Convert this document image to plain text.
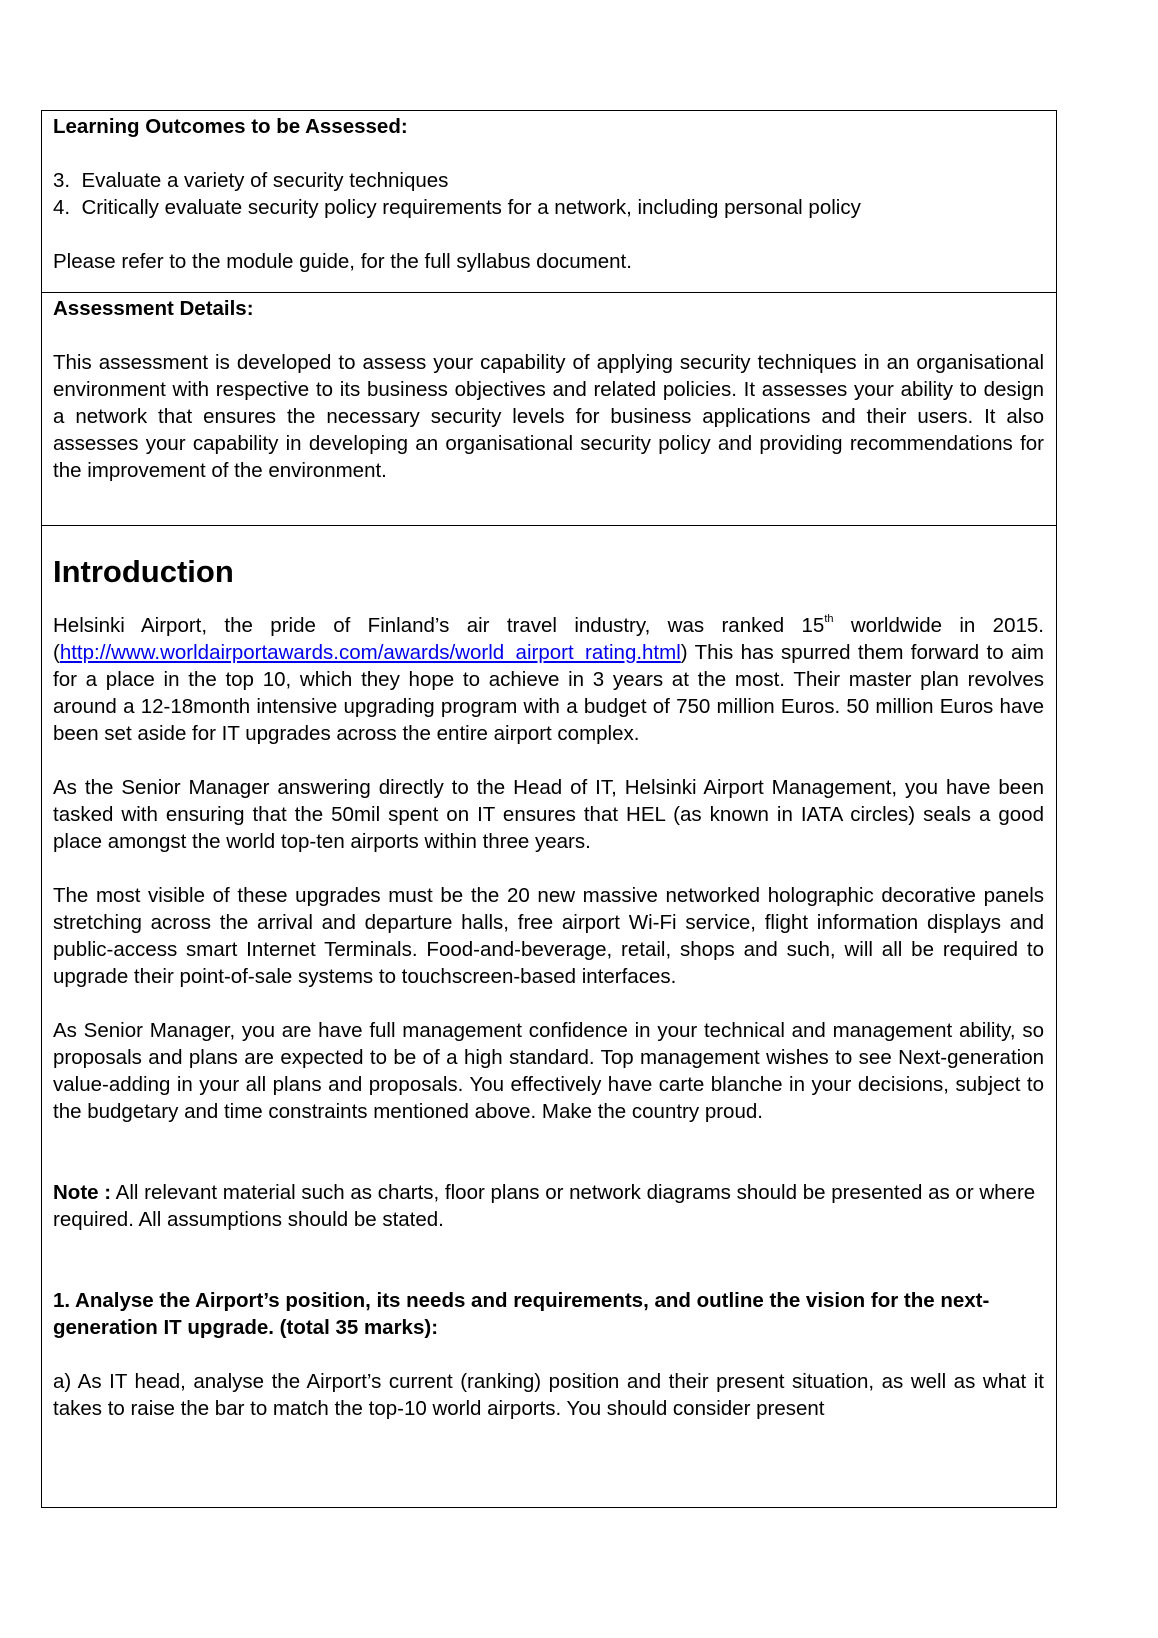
Learning Outcomes to be Assessed:

3.  Evaluate a variety of security techniques

4.  Critically evaluate security policy requirements for a network, including personal policy

Please refer to the module guide, for the full syllabus document.

Assessment Details:

This assessment is developed to assess your capability of applying security techniques in an organisational environment with respective to its business objectives and related policies. It assesses your ability to design a network that ensures the necessary security levels for business applications and their users. It also assesses your capability in developing an organisational security policy and providing recommendations for the improvement of the environment.

Introduction

Helsinki Airport, the pride of Finland’s air travel industry, was ranked 15th worldwide in 2015. (http://www.worldairportawards.com/awards/world_airport_rating.html) This has spurred them forward to aim for a place in the top 10, which they hope to achieve in 3 years at the most. Their master plan revolves around a 12-18month intensive upgrading program with a budget of 750 million Euros. 50 million Euros have been set aside for IT upgrades across the entire airport complex.

As the Senior Manager answering directly to the Head of IT, Helsinki Airport Management, you have been tasked with ensuring that the 50mil spent on IT ensures that HEL (as known in IATA circles) seals a good place amongst the world top-ten airports within three years.

The most visible of these upgrades must be the 20 new massive networked holographic decorative panels stretching across the arrival and departure halls, free airport Wi-Fi service, flight information displays and public-access smart Internet Terminals. Food-and-beverage, retail, shops and such, will all be required to upgrade their point-of-sale systems to touchscreen-based interfaces.

As Senior Manager, you are have full management confidence in your technical and management ability, so proposals and plans are expected to be of a high standard. Top management wishes to see Next-generation value-adding in your all plans and proposals. You effectively have carte blanche in your decisions, subject to the budgetary and time constraints mentioned above. Make the country proud.

Note : All relevant material such as charts, floor plans or network diagrams should be presented as or where required. All assumptions should be stated.

1. Analyse the Airport’s position, its needs and requirements, and outline the vision for the next-generation IT upgrade. (total 35 marks):

a) As IT head, analyse the Airport’s current (ranking) position and their present situation, as well as what it takes to raise the bar to match the top-10 world airports. You should consider present
